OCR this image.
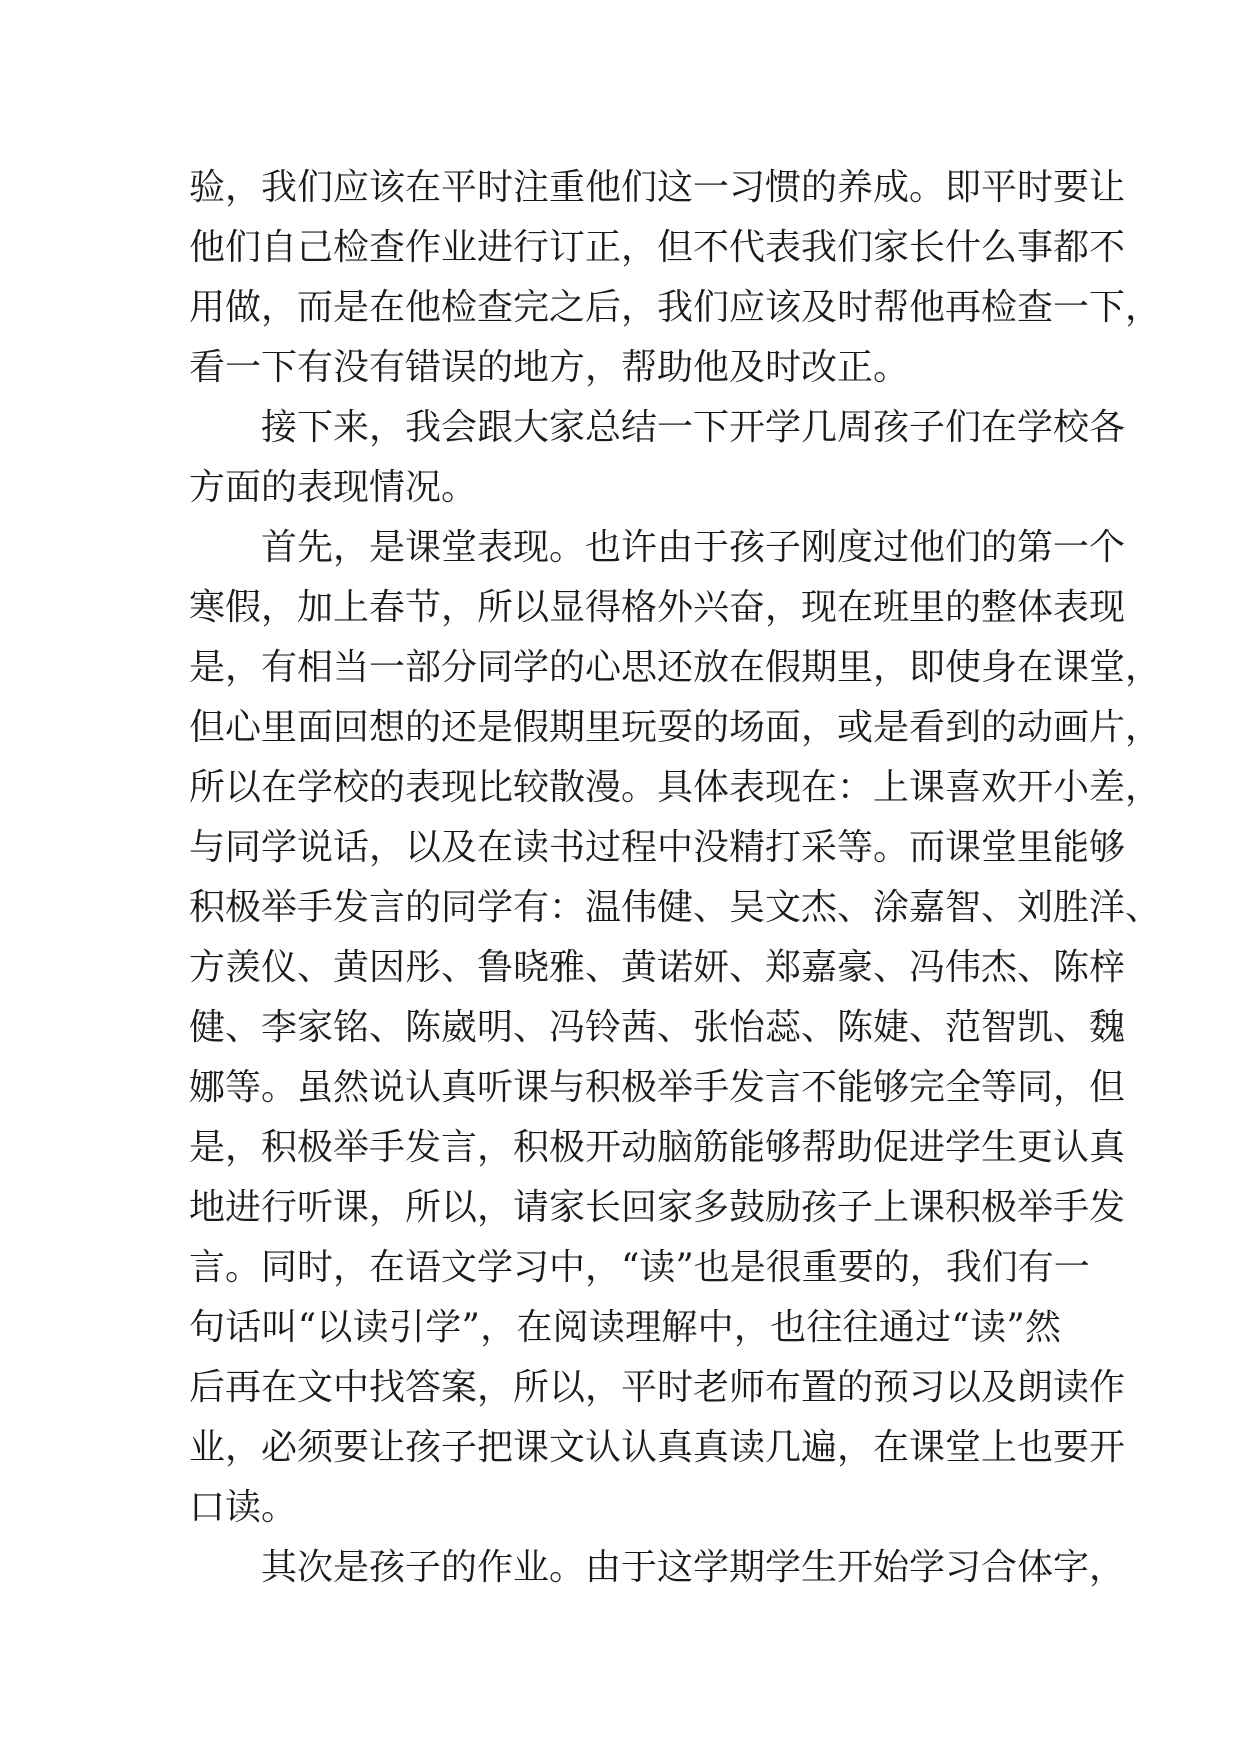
验，我们应该在平时注重他们这一习惯的养成。即平时要让
他们自己检查作业进行订正，但不代表我们家长什么事都不
用做，而是在他检查完之后，我们应该及时帮他再检查一下，
看一下有没有错误的地方，帮助他及时改正。
接下来，我会跟大家总结一下开学几周孩子们在学校各
方面的表现情况。
首先，是课堂表现。也许由于孩子刚度过他们的第一个
寒假，加上春节，所以显得格外兴奋，现在班里的整体表现
是，有相当一部分同学的心思还放在假期里，即使身在课堂，
但心里面回想的还是假期里玩耍的场面，或是看到的动画片，
所以在学校的表现比较散漫。具体表现在：上课喜欢开小差，
与同学说话，以及在读书过程中没精打采等。而课堂里能够
积极举手发言的同学有：温伟健、吴文杰、涂嘉智、刘胜洋、
方羡仪、黄因彤、鲁晓雅、黄诺妍、郑嘉豪、冯伟杰、陈梓
健、李家铭、陈崴明、冯铃茜、张怡蕊、陈婕、范智凯、魏
娜等。虽然说认真听课与积极举手发言不能够完全等同，但
是，积极举手发言，积极开动脑筋能够帮助促进学生更认真
地进行听课，所以，请家长回家多鼓励孩子上课积极举手发
言。同时，在语文学习中，“读”也是很重要的，我们有一
句话叫“以读引学”，在阅读理解中，也往往通过“读”然
后再在文中找答案，所以，平时老师布置的预习以及朗读作
业，必须要让孩子把课文认认真真读几遍，在课堂上也要开
口读。
其次是孩子的作业。由于这学期学生开始学习合体字，
